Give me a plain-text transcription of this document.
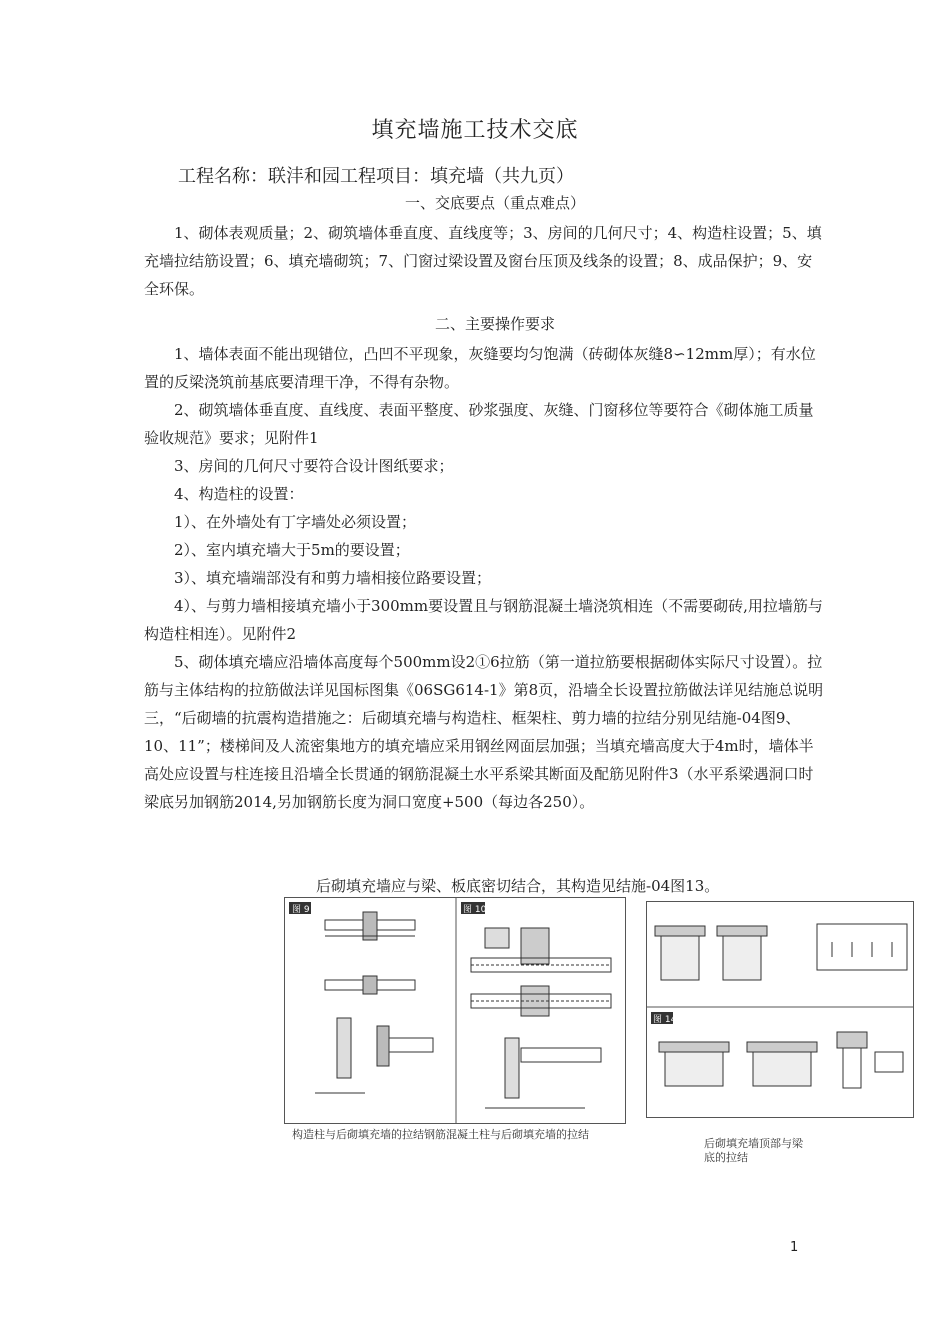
填充墙施工技术交底
工程名称：联沣和园工程项目：填充墙（共九页）
一、交底要点（重点难点）

1、砌体表观质量；2、砌筑墙体垂直度、直线度等；3、房间的几何尺寸；4、构造柱设置；5、填充墙拉结筋设置；6、填充墙砌筑；7、门窗过梁设置及窗台压顶及线条的设置；8、成品保护；9、安全环保。

二、主要操作要求

1、墙体表面不能出现错位，凸凹不平现象，灰缝要均匀饱满（砖砌体灰缝8∽12mm厚）；有水位置的反梁浇筑前基底要清理干净，不得有杂物。

2、砌筑墙体垂直度、直线度、表面平整度、砂浆强度、灰缝、门窗移位等要符合《砌体施工质量验收规范》要求；见附件1

3、房间的几何尺寸要符合设计图纸要求；

4、构造柱的设置：

1）、在外墙处有丁字墙处必须设置；

2）、室内填充墙大于5m的要设置；

3）、填充墙端部没有和剪力墙相接位路要设置；

4）、与剪力墙相接填充墙小于300mm要设置且与钢筋混凝土墙浇筑相连（不需要砌砖,用拉墙筋与构造柱相连）。见附件2

5、砌体填充墙应沿墙体高度每个500mm设2①6拉筋（第一道拉筋要根据砌体实际尺寸设置）。拉筋与主体结构的拉筋做法详见国标图集《06SG614-1》第8页，沿墙全长设置拉筋做法详见结施总说明三，“后砌墙的抗震构造措施之：后砌填充墙与构造柱、框架柱、剪力墙的拉结分别见结施-04图9、10、11”；楼梯间及人流密集地方的填充墙应采用钢丝网面层加强；当填充墙高度大于4m时，墙体半高处应设置与柱连接且沿墙全长贯通的钢筋混凝土水平系梁其断面及配筋见附件3（水平系梁遇洞口时梁底另加钢筋2014,另加钢筋长度为洞口宽度+500（每边各250）。

后砌填充墙应与梁、板底密切结合，其构造见结施-04图13。
图 9	图 10
构造柱与后砌填充墙的拉结钢筋混凝土柱与后砌填充墙的拉结
图 14
后砌填充墙顶部与梁底的拉结
1
